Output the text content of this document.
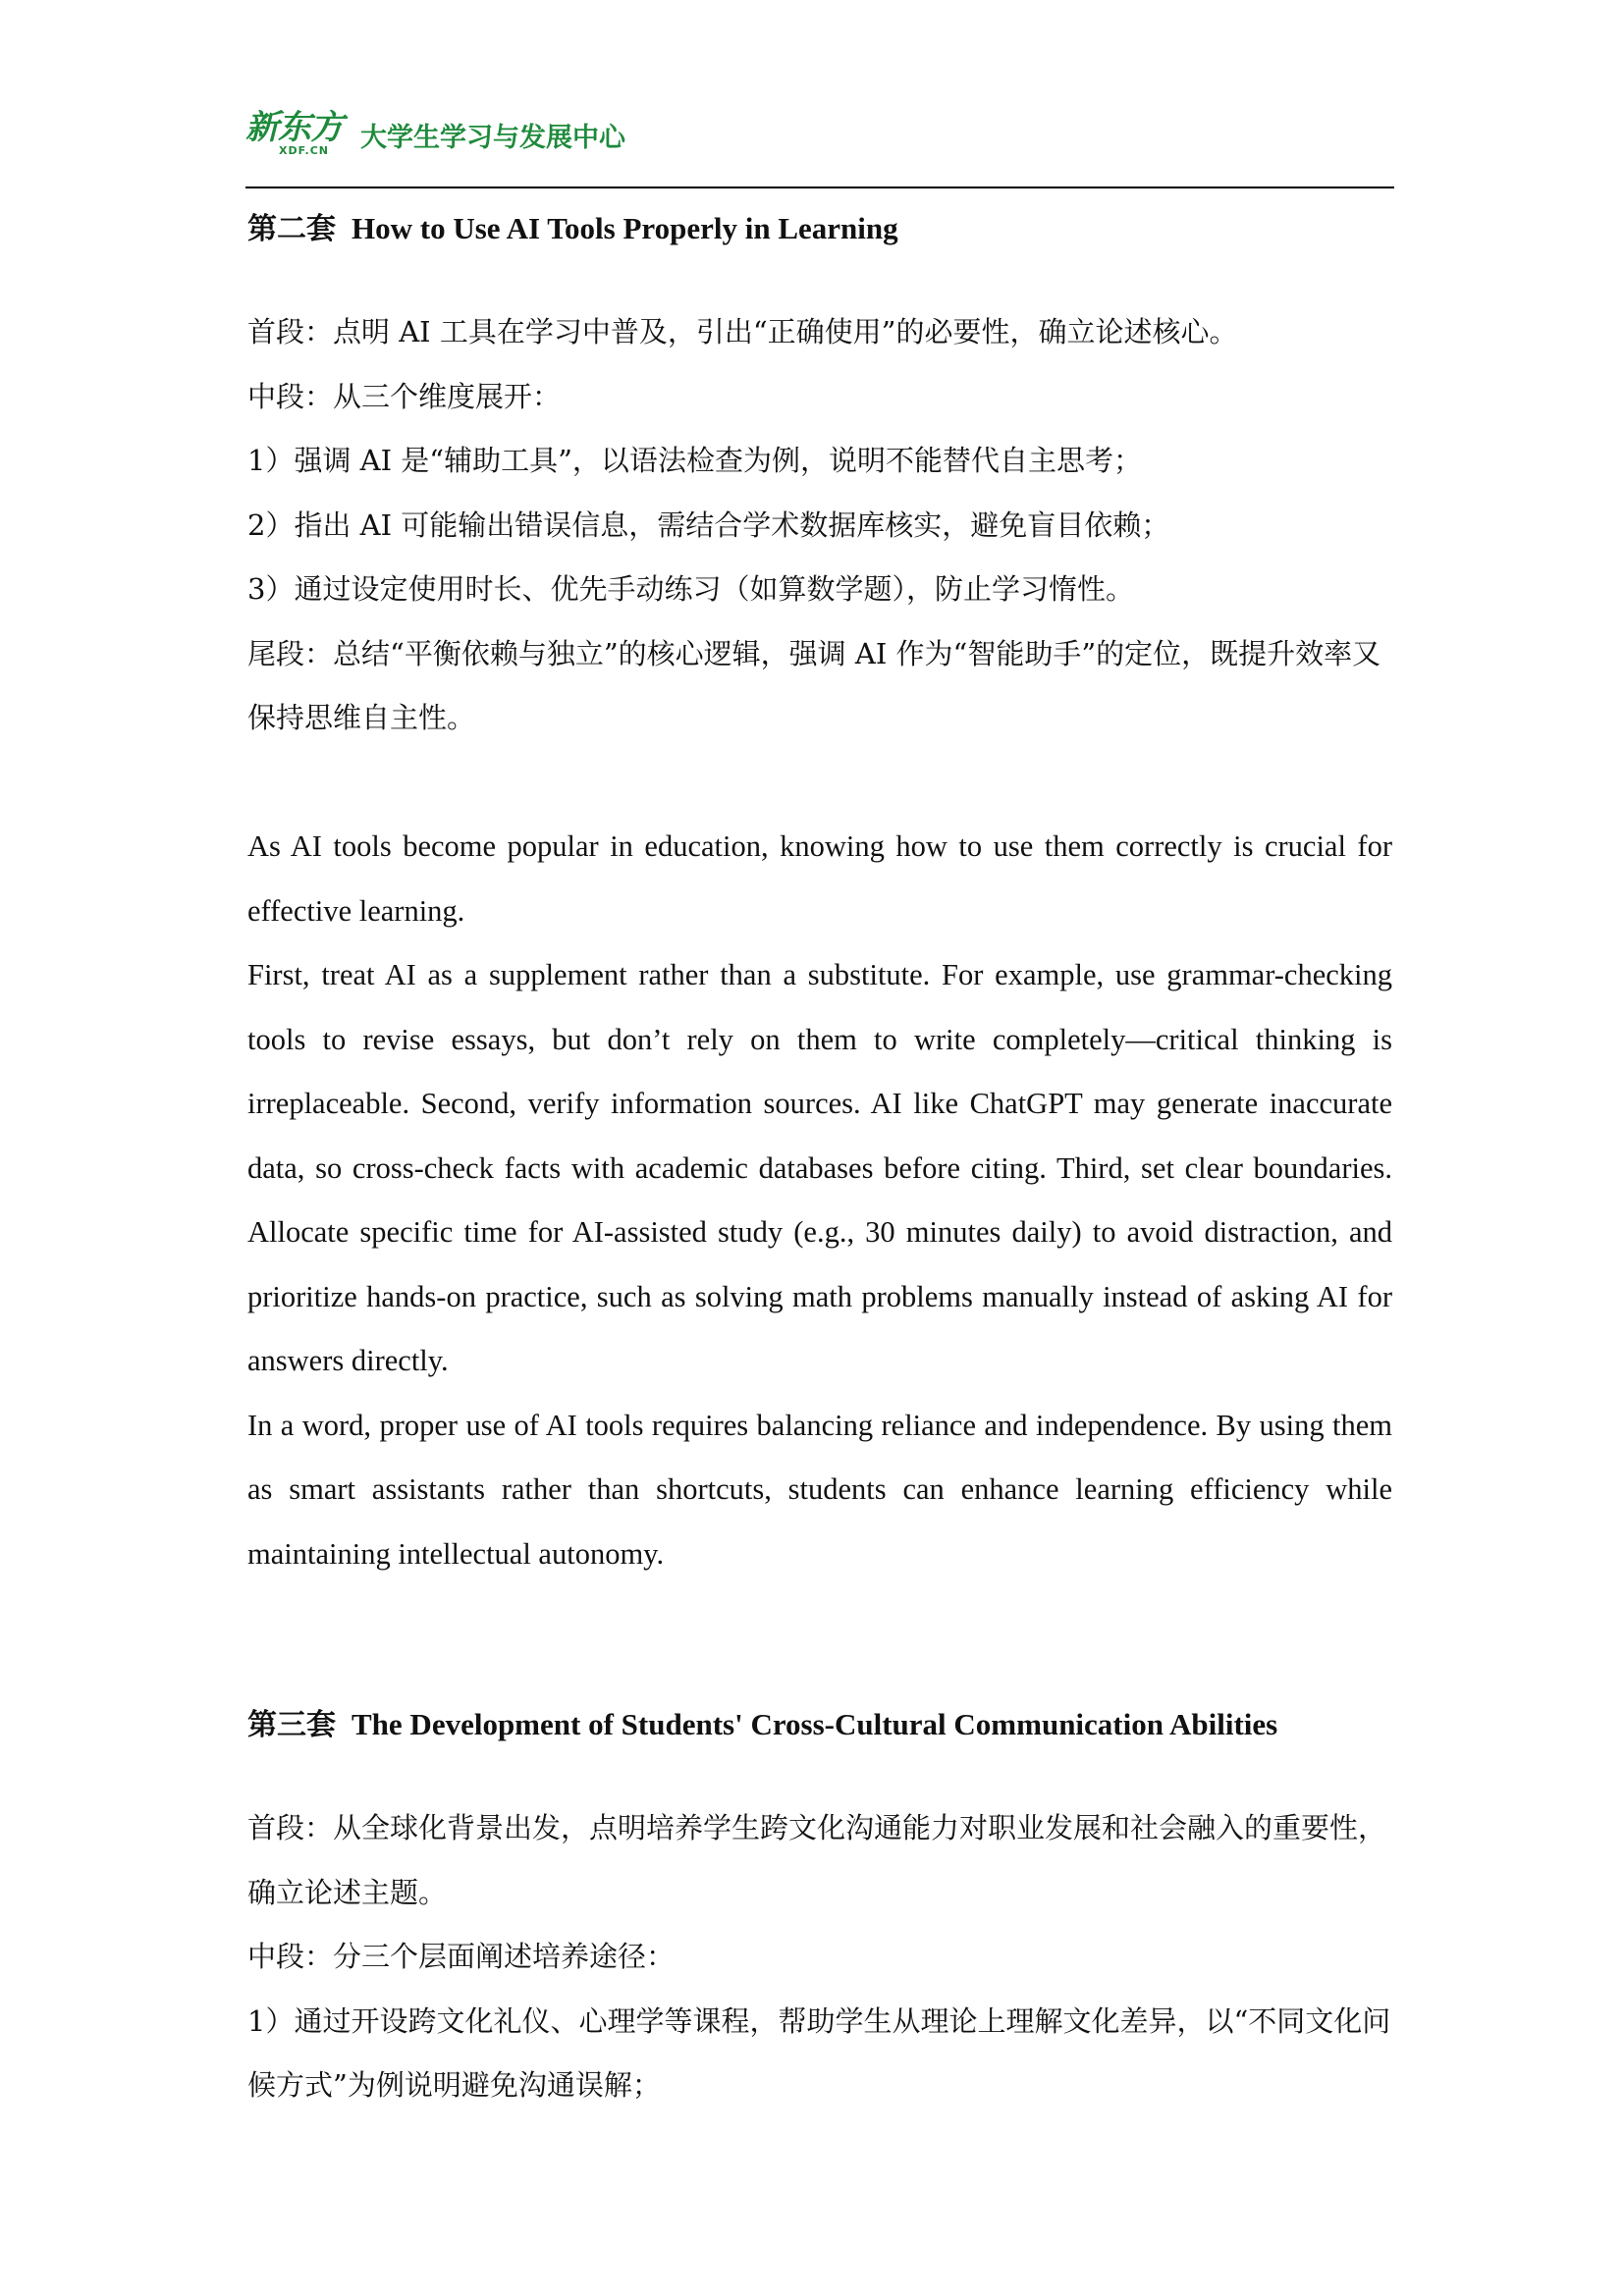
新东方
XDF.CN 大学生学习与发展中心
第二套 How to Use AI Tools Properly in Learning

首段：点明 AI 工具在学习中普及，引出“正确使用”的必要性，确立论述核心。

中段：从三个维度展开：

1）强调 AI 是“辅助工具”，以语法检查为例，说明不能替代自主思考；

2）指出 AI 可能输出错误信息，需结合学术数据库核实，避免盲目依赖；

3）通过设定使用时长、优先手动练习（如算数学题），防止学习惰性。

尾段：总结“平衡依赖与独立”的核心逻辑，强调 AI 作为“智能助手”的定位，既提升效率又保持思维自主性。

As AI tools become popular in education, knowing how to use them correctly is crucial for effective learning.

First, treat AI as a supplement rather than a substitute. For example, use grammar-checking tools to revise essays, but don’t rely on them to write completely—critical thinking is irreplaceable. Second, verify information sources. AI like ChatGPT may generate inaccurate data, so cross-check facts with academic databases before citing. Third, set clear boundaries. Allocate specific time for AI-assisted study (e.g., 30 minutes daily) to avoid distraction, and prioritize hands-on practice, such as solving math problems manually instead of asking AI for answers directly.

In a word, proper use of AI tools requires balancing reliance and independence. By using them as smart assistants rather than shortcuts, students can enhance learning efficiency while maintaining intellectual autonomy.

第三套 The Development of Students' Cross-Cultural Communication Abilities

首段：从全球化背景出发，点明培养学生跨文化沟通能力对职业发展和社会融入的重要性，确立论述主题。

中段：分三个层面阐述培养途径：

1）通过开设跨文化礼仪、心理学等课程，帮助学生从理论上理解文化差异，以“不同文化问候方式”为例说明避免沟通误解；
